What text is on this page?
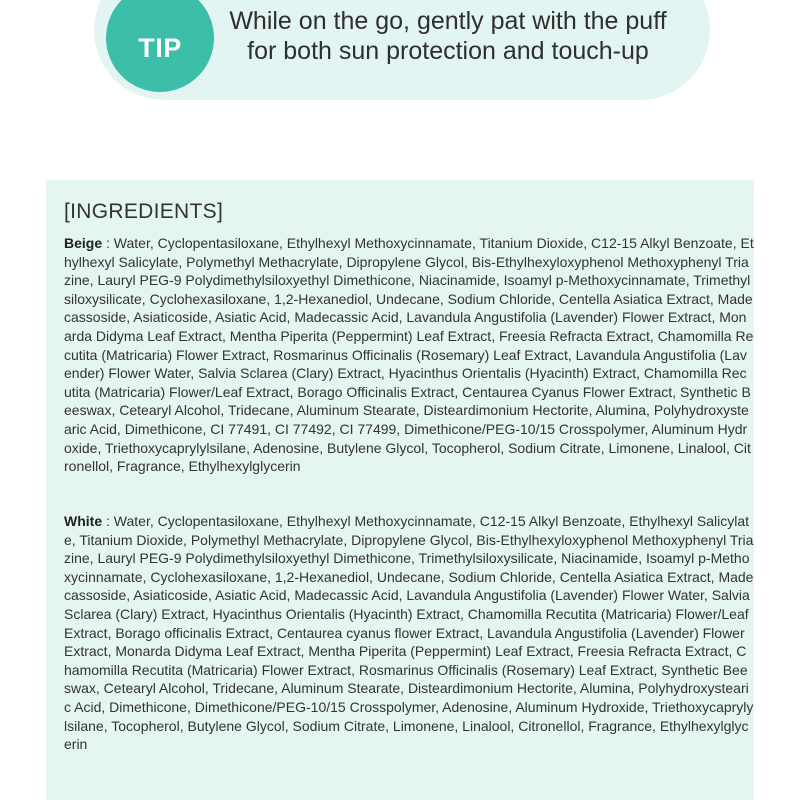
TIP
While on the go, gently pat with the puff
for both sun protection and touch-up
[INGREDIENTS]
Beige : Water, Cyclopentasiloxane, Ethylhexyl Methoxycinnamate, Titanium Dioxide, C12-15 Alkyl Benzoate, Ethylhexyl Salicylate, Polymethyl Methacrylate, Dipropylene Glycol, Bis-Ethylhexyloxyphenol Methoxyphenyl Triazine, Lauryl PEG-9 Polydimethylsiloxyethyl Dimethicone, Niacinamide, Isoamyl p-Methoxycinnamate, Trimethylsiloxysilicate, Cyclohexasiloxane, 1,2-Hexanediol, Undecane, Sodium Chloride, Centella Asiatica Extract, Madecassoside, Asiaticoside, Asiatic Acid, Madecassic Acid, Lavandula Angustifolia (Lavender) Flower Extract, Monarda Didyma Leaf Extract, Mentha Piperita (Peppermint) Leaf Extract, Freesia Refracta Extract, Chamomilla Recutita (Matricaria) Flower Extract, Rosmarinus Officinalis (Rosemary) Leaf Extract, Lavandula Angustifolia (Lavender) Flower Water, Salvia Sclarea (Clary) Extract, Hyacinthus Orientalis (Hyacinth) Extract, Chamomilla Recutita (Matricaria) Flower/Leaf Extract, Borago Officinalis Extract, Centaurea Cyanus Flower Extract, Synthetic Beeswax, Cetearyl Alcohol, Tridecane, Aluminum Stearate, Disteardimonium Hectorite, Alumina, Polyhydroxystearic Acid, Dimethicone, CI 77491, CI 77492, CI 77499, Dimethicone/PEG-10/15 Crosspolymer, Aluminum Hydroxide, Triethoxycaprylylsilane, Adenosine, Butylene Glycol, Tocopherol, Sodium Citrate, Limonene, Linalool, Citronellol, Fragrance, Ethylhexylglycerin
White : Water, Cyclopentasiloxane, Ethylhexyl Methoxycinnamate, C12-15 Alkyl Benzoate, Ethylhexyl Salicylate, Titanium Dioxide, Polymethyl Methacrylate, Dipropylene Glycol, Bis-Ethylhexyloxyphenol Methoxyphenyl Triazine, Lauryl PEG-9 Polydimethylsiloxyethyl Dimethicone, Trimethylsiloxysilicate, Niacinamide, Isoamyl p-Methoxycinnamate, Cyclohexasiloxane, 1,2-Hexanediol, Undecane, Sodium Chloride, Centella Asiatica Extract, Madecassoside, Asiaticoside, Asiatic Acid, Madecassic Acid, Lavandula Angustifolia (Lavender) Flower Water, Salvia Sclarea (Clary) Extract, Hyacinthus Orientalis (Hyacinth) Extract, Chamomilla Recutita (Matricaria) Flower/Leaf Extract, Borago officinalis Extract, Centaurea cyanus flower Extract, Lavandula Angustifolia (Lavender) Flower Extract, Monarda Didyma Leaf Extract, Mentha Piperita (Peppermint) Leaf Extract, Freesia Refracta Extract, Chamomilla Recutita (Matricaria) Flower Extract, Rosmarinus Officinalis (Rosemary) Leaf Extract, Synthetic Beeswax, Cetearyl Alcohol, Tridecane, Aluminum Stearate, Disteardimonium Hectorite, Alumina, Polyhydroxystearic Acid, Dimethicone, Dimethicone/PEG-10/15 Crosspolymer, Adenosine, Aluminum Hydroxide, Triethoxycaprylylsilane, Tocopherol, Butylene Glycol, Sodium Citrate, Limonene, Linalool, Citronellol, Fragrance, Ethylhexylglycerin
